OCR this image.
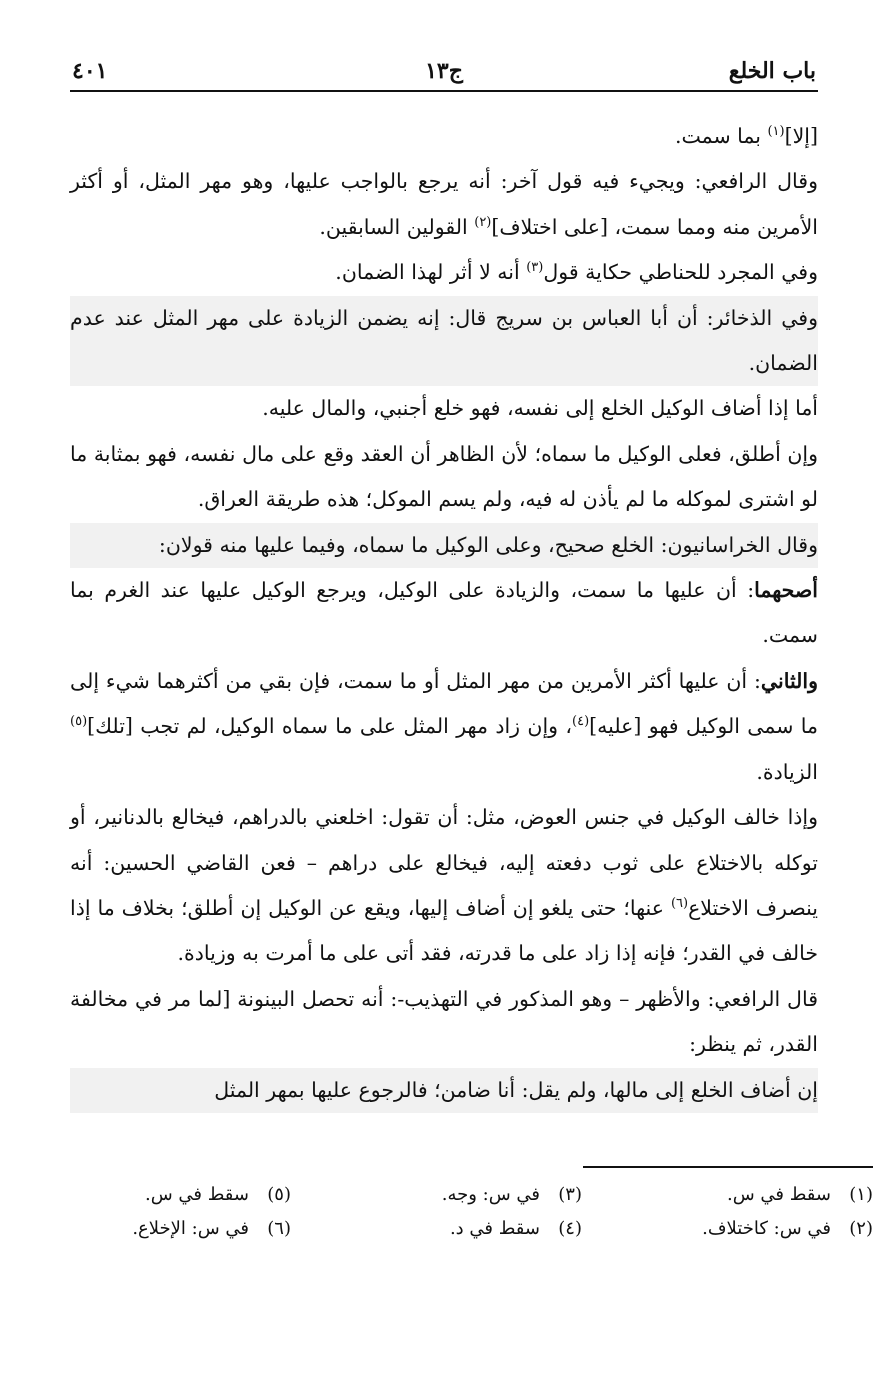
باب الخلع
ج١٣
٤٠١

[إلا]$^{(١)}$ بما سمت.

وقال الرافعي: ويجيء فيه قول آخر: أنه يرجع بالواجب عليها، وهو مهر المثل، أو أكثر الأمرين منه ومما سمت، [على اختلاف]$^{(٢)}$ القولين السابقين.

وفي المجرد للحناطي حكاية قول$^{(٣)}$ أنه لا أثر لهذا الضمان.

وفي الذخائر: أن أبا العباس بن سريج قال: إنه يضمن الزيادة على مهر المثل عند عدم الضمان.

أما إذا أضاف الوكيل الخلع إلى نفسه، فهو خلع أجنبي، والمال عليه.

وإن أطلق، فعلى الوكيل ما سماه؛ لأن الظاهر أن العقد وقع على مال نفسه، فهو بمثابة ما لو اشترى لموكله ما لم يأذن له فيه، ولم يسم الموكل؛ هذه طريقة العراق.

وقال الخراسانيون: الخلع صحيح، وعلى الوكيل ما سماه، وفيما عليها منه قولان:

أصحهما: أن عليها ما سمت، والزيادة على الوكيل، ويرجع الوكيل عليها عند الغرم بما سمت.

والثاني: أن عليها أكثر الأمرين من مهر المثل أو ما سمت، فإن بقي من أكثرهما شيء إلى ما سمى الوكيل فهو [عليه]$^{(٤)}$، وإن زاد مهر المثل على ما سماه الوكيل، لم تجب [تلك]$^{(٥)}$ الزيادة.

وإذا خالف الوكيل في جنس العوض، مثل: أن تقول: اخلعني بالدراهم، فيخالع بالدنانير، أو توكله بالاختلاع على ثوب دفعته إليه، فيخالع على دراهم – فعن القاضي الحسين: أنه ينصرف الاختلاع$^{(٦)}$ عنها؛ حتى يلغو إن أضاف إليها، ويقع عن الوكيل إن أطلق؛ بخلاف ما إذا خالف في القدر؛ فإنه إذا زاد على ما قدرته، فقد أتى على ما أمرت به وزيادة.

قال الرافعي: والأظهر – وهو المذكور في التهذيب-: أنه تحصل البينونة [لما مر في مخالفة القدر، ثم ينظر:

إن أضاف الخلع إلى مالها، ولم يقل: أنا ضامن؛ فالرجوع عليها بمهر المثل

(١)
سقط في س.
(٣)
في س: وجه.
(٥)
سقط في س.
(٢)
في س: كاختلاف.
(٤)
سقط في د.
(٦)
في س: الإخلاع.
